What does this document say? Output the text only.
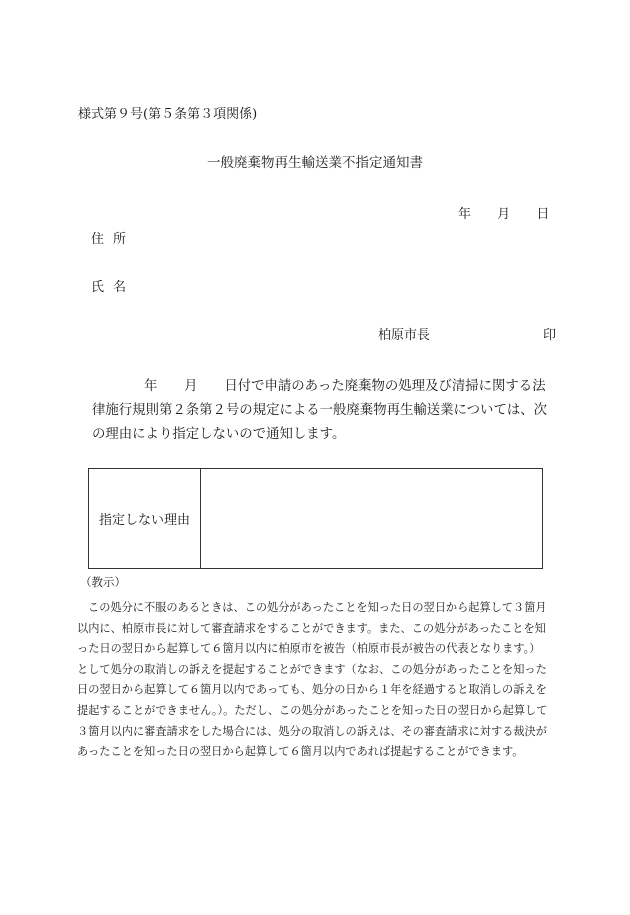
様式第９号(第５条第３項関係)
一般廃棄物再生輸送業不指定通知書
年 月 日
住所
氏名
柏原市長	印
年　　月　　日付で申請のあった廃棄物の処理及び清掃に関する法
律施行規則第２条第２号の規定による一般廃棄物再生輸送業については、次
の理由により指定しないので通知します。
指定しない理由
（教示）
この処分に不服のあるときは、この処分があったことを知った日の翌日から起算して３箇月
以内に、柏原市長に対して審査請求をすることができます。また、この処分があったことを知
った日の翌日から起算して６箇月以内に柏原市を被告（柏原市長が被告の代表となります。）
として処分の取消しの訴えを提起することができます（なお、この処分があったことを知った
日の翌日から起算して６箇月以内であっても、処分の日から１年を経過すると取消しの訴えを
提起することができません。）。ただし、この処分があったことを知った日の翌日から起算して
３箇月以内に審査請求をした場合には、処分の取消しの訴えは、その審査請求に対する裁決が
あったことを知った日の翌日から起算して６箇月以内であれば提起することができます。
